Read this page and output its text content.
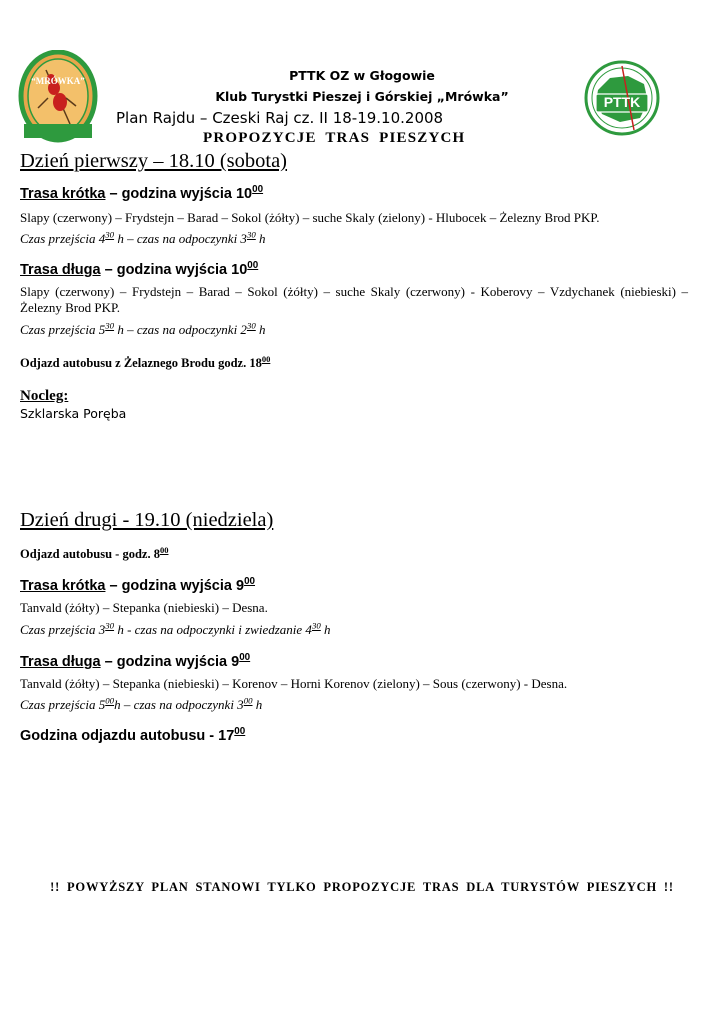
“MRÓWKA”
PTTK
PTTK OZ w Głogowie
Klub Turystki Pieszej i Górskiej „Mrówka”
Plan Rajdu – Czeski Raj cz. II 18-19.10.2008
PROPOZYCJE TRAS PIESZYCH
Dzień pierwszy – 18.10 (sobota)
Trasa krótka – godzina wyjścia $10^{00}$
Slapy (czerwony) – Frydstejn – Barad – Sokol (żółty) – suche Skaly (zielony) - Hlubocek – Żelezny Brod PKP.
Czas przejścia $4^{30}$ h – czas na odpoczynki $3^{30}$ h
Trasa długa – godzina wyjścia $10^{00}$
Slapy (czerwony) – Frydstejn – Barad – Sokol (żółty) – suche Skaly (czerwony) - Koberovy – Vzdychanek (niebieski) – Żelezny Brod PKP.
Czas przejścia $5^{30}$ h – czas na odpoczynki $2^{30}$ h
Odjazd autobusu z Żelaznego Brodu godz. $18^{00}$
Nocleg:
Szklarska Poręba
Dzień drugi - 19.10 (niedziela)
Odjazd autobusu - godz. $8^{00}$
Trasa krótka – godzina wyjścia $9^{00}$
Tanvald (żółty) – Stepanka (niebieski) – Desna.
Czas przejścia $3^{30}$ h - czas na odpoczynki i zwiedzanie $4^{30}$ h
Trasa długa – godzina wyjścia $9^{00}$
Tanvald (żółty) – Stepanka (niebieski) – Korenov – Horni Korenov (zielony) – Sous (czerwony) - Desna.
Czas przejścia $5^{00}h$ – czas na odpoczynki $3^{00}$ h
Godzina odjazdu autobusu - $17^{00}$
!! POWYŻSZY PLAN STANOWI TYLKO PROPOZYCJE TRAS DLA TURYSTÓW PIESZYCH !!
